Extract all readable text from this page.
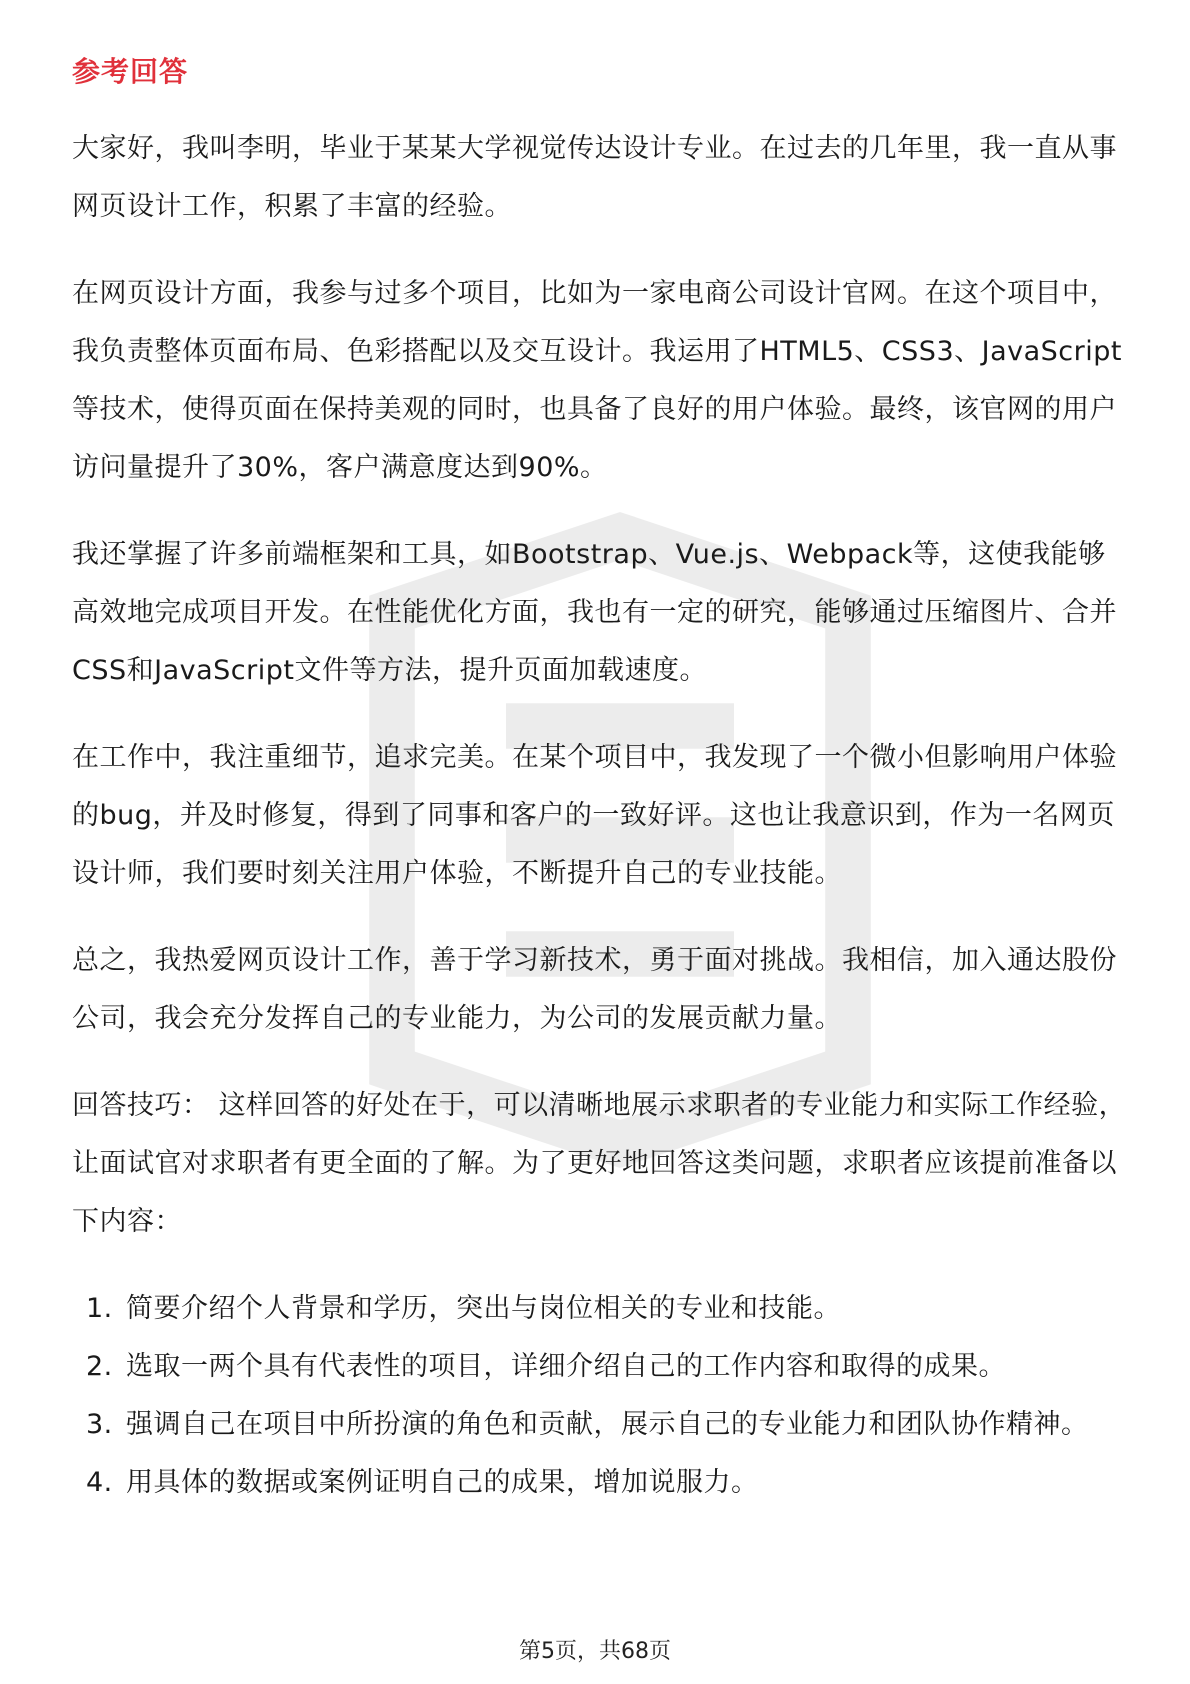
参考回答

大家好，我叫李明，毕业于某某大学视觉传达设计专业。在过去的几年里，我一直从事网页设计工作，积累了丰富的经验。

在网页设计方面，我参与过多个项目，比如为一家电商公司设计官网。在这个项目中，我负责整体页面布局、色彩搭配以及交互设计。我运用了HTML5、CSS3、JavaScript等技术，使得页面在保持美观的同时，也具备了良好的用户体验。最终，该官网的用户访问量提升了30%，客户满意度达到90%。

我还掌握了许多前端框架和工具，如Bootstrap、Vue.js、Webpack等，这使我能够高效地完成项目开发。在性能优化方面，我也有一定的研究，能够通过压缩图片、合并CSS和JavaScript文件等方法，提升页面加载速度。

在工作中，我注重细节，追求完美。在某个项目中，我发现了一个微小但影响用户体验的bug，并及时修复，得到了同事和客户的一致好评。这也让我意识到，作为一名网页设计师，我们要时刻关注用户体验，不断提升自己的专业技能。

总之，我热爱网页设计工作，善于学习新技术，勇于面对挑战。我相信，加入通达股份公司，我会充分发挥自己的专业能力，为公司的发展贡献力量。

回答技巧： 这样回答的好处在于，可以清晰地展示求职者的专业能力和实际工作经验，让面试官对求职者有更全面的了解。为了更好地回答这类问题，求职者应该提前准备以下内容：

1. 简要介绍个人背景和学历，突出与岗位相关的专业和技能。
2. 选取一两个具有代表性的项目，详细介绍自己的工作内容和取得的成果。
3. 强调自己在项目中所扮演的角色和贡献，展示自己的专业能力和团队协作精神。
4. 用具体的数据或案例证明自己的成果，增加说服力。
第5页，共68页
